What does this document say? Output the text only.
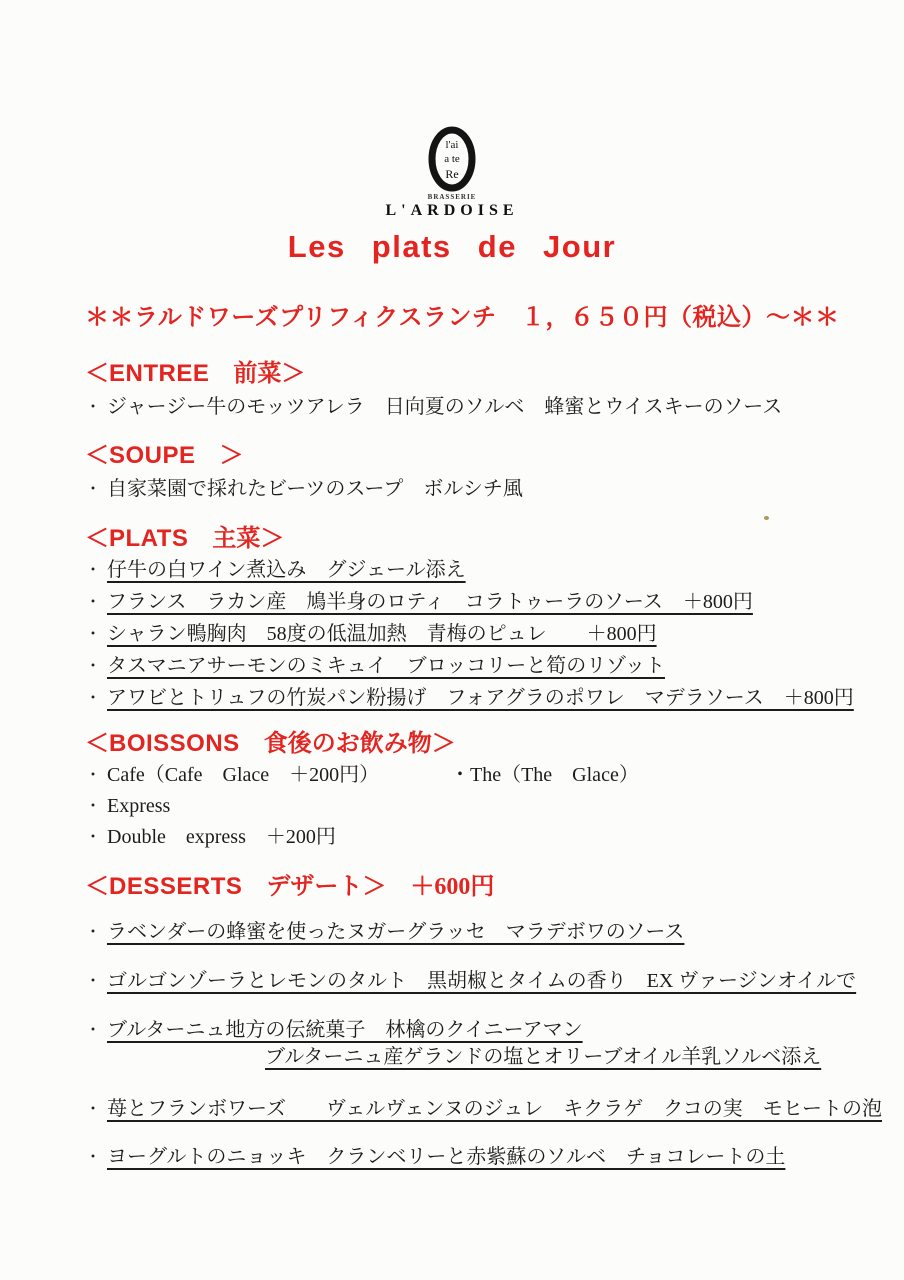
l'ai
a te
Re
BRASSERIE
L'ARDOISE
Les plats de Jour
＊＊ラルドワーズプリフィクスランチ　１，６５０円（税込）～＊＊
＜ENTREE　前菜＞
・ ジャージー牛のモッツアレラ　日向夏のソルベ　蜂蜜とウイスキーのソース
＜SOUPE　＞
・ 自家菜園で採れたビーツのスープ　ボルシチ風
＜PLATS　主菜＞
・ 仔牛の白ワイン煮込み　グジェール添え
・ フランス　ラカン産　鳩半身のロティ　コラトゥーラのソース　＋800円
・ シャラン鴨胸肉　58度の低温加熱　青梅のピュレ　　＋800円
・ タスマニアサーモンのミキュイ　ブロッコリーと筍のリゾット
・ アワビとトリュフの竹炭パン粉揚げ　フォアグラのポワレ　マデラソース　＋800円
＜BOISSONS　食後のお飲み物＞
・ Cafe（Cafe　Glace　＋200円）	・The（The　Glace）
・ Express
・ Double　express　＋200円
＜DESSERTS　デザート＞　＋600円
・ ラベンダーの蜂蜜を使ったヌガーグラッセ　マラデボワのソース
・ ゴルゴンゾーラとレモンのタルト　黒胡椒とタイムの香り　EX ヴァージンオイルで
・ ブルターニュ地方の伝統菓子　林檎のクイニーアマン
ブルターニュ産ゲランドの塩とオリーブオイル羊乳ソルベ添え
・ 苺とフランボワーズ　　ヴェルヴェンヌのジュレ　キクラゲ　クコの実　モヒートの泡
・ ヨーグルトのニョッキ　クランベリーと赤紫蘇のソルベ　チョコレートの土
